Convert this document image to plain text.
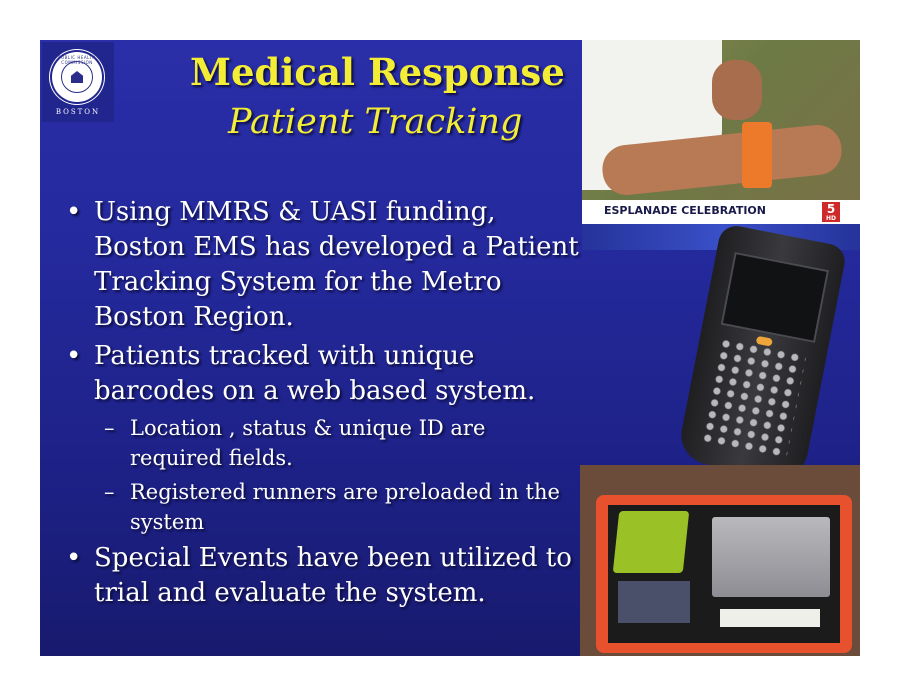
PUBLIC HEALTH COMMISSION
BOSTON
Medical Response
Patient Tracking
• Using MMRS & UASI funding, Boston EMS has developed a Patient Tracking System for the Metro Boston Region.
• Patients tracked with unique barcodes on a web based system.
– Location , status & unique ID are required fields.
– Registered runners are preloaded in the system
• Special Events have been utilized to trial and evaluate the system.
ESPLANADE CELEBRATION	5
HD
